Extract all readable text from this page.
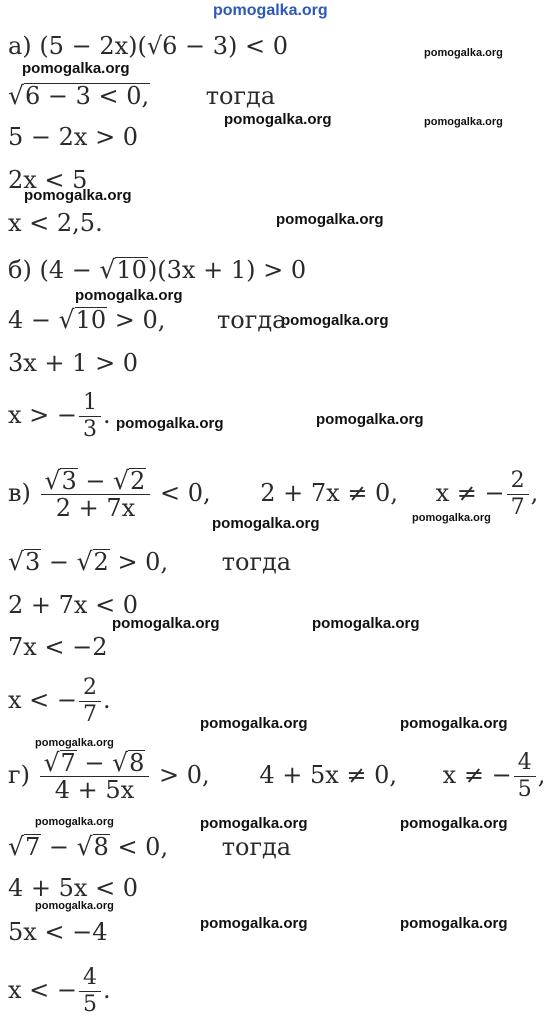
pomogalka.org
pomogalka.org
pomogalka.org
pomogalka.org	pomogalka.org
pomogalka.org
pomogalka.org
pomogalka.org
pomogalka.org
pomogalka.org	pomogalka.org
pomogalka.org	pomogalka.org
pomogalka.org	pomogalka.org
pomogalka.org	pomogalka.org
pomogalka.org
pomogalka.org	pomogalka.org	pomogalka.org
pomogalka.org
pomogalka.org	pomogalka.org
а) (5 − 2x)(√6 − 3) < 0
√6 − 3 < 0, тогда
5 − 2x > 0
2x < 5
x < 2,5.
б) (4 − √10)(3x + 1) > 0
4 − √10 > 0, тогда
3x + 1 > 0
x > − $\frac{1}{3}$ .
$в) \frac{√3 - √2}{2 + 7x} < 0$, 2 + 7x ≠ 0, x ≠ − $\frac{2}{7}$ ,
√3 − √2 > 0, тогда
2 + 7x < 0
7x < −2
x < − $\frac{2}{7}$ .
$г) \frac{√7 - √8}{4 + 5x} > 0$, 4 + 5x ≠ 0, x ≠ − $\frac{4}{5}$ ,
√7 − √8 < 0, тогда
4 + 5x < 0
5x < −4
x < − $\frac{4}{5}$ .
